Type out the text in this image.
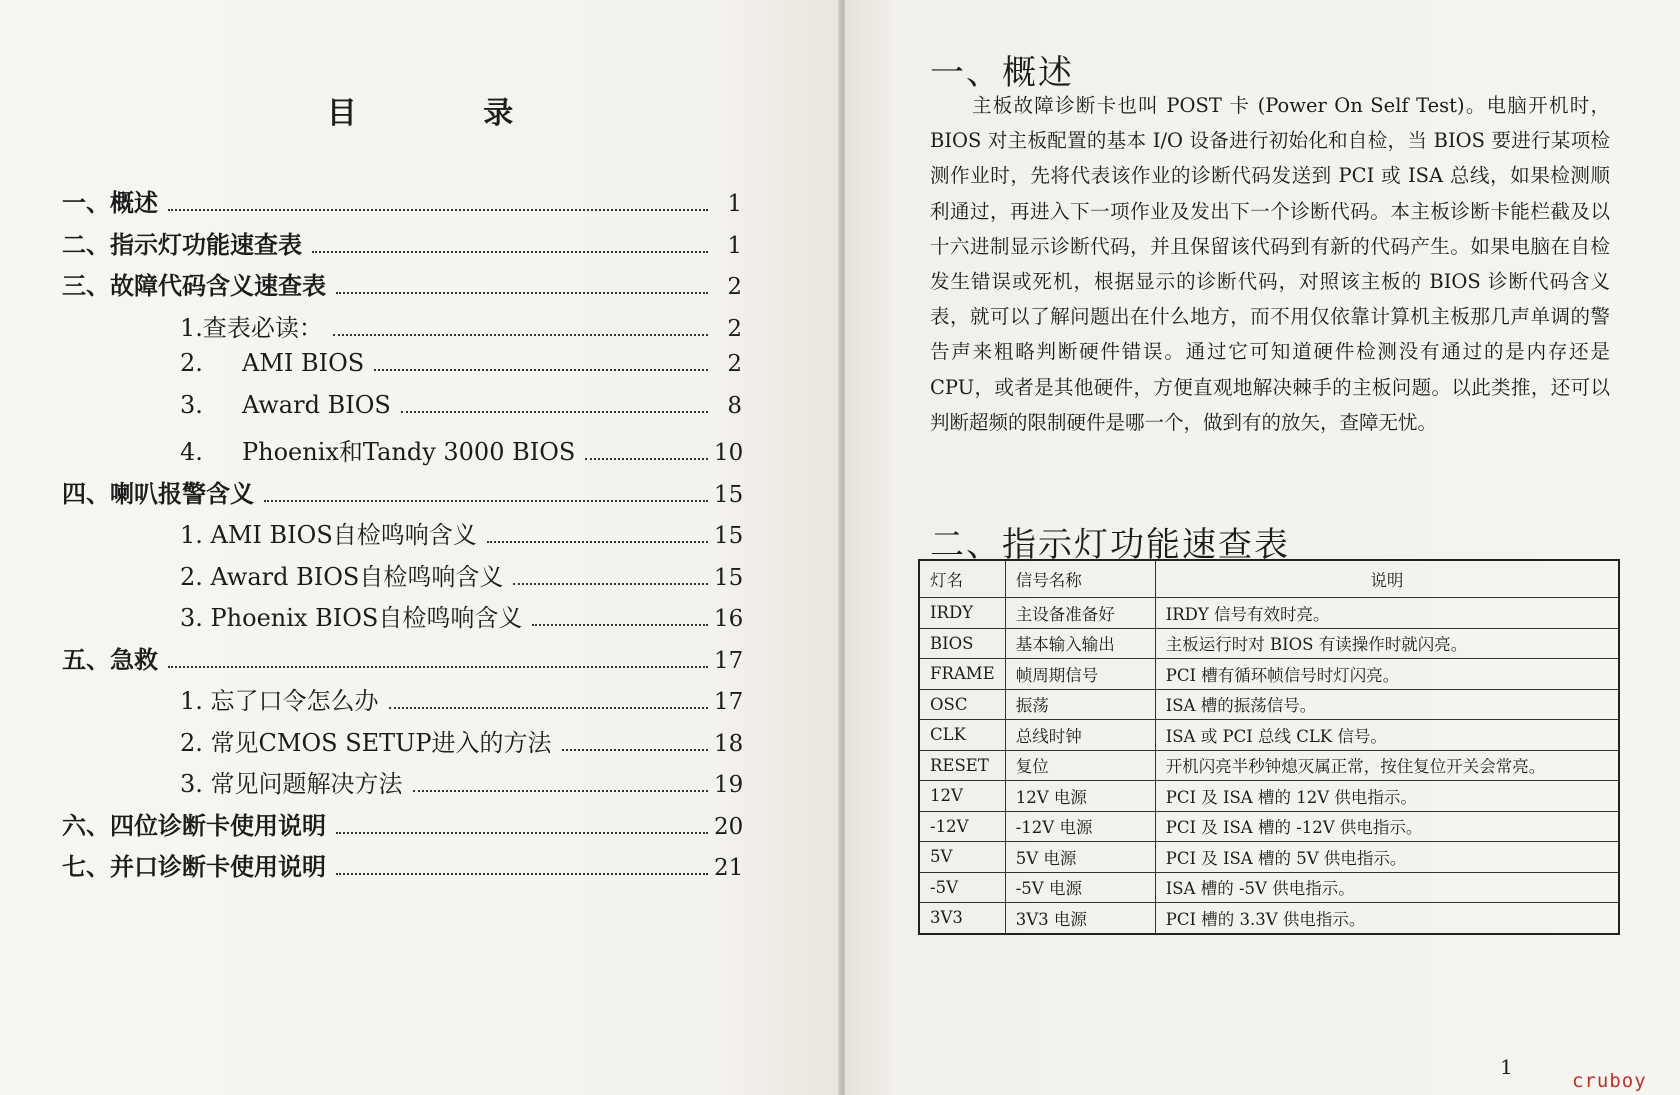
目 录
一、概述	1
二、指示灯功能速查表	1
三、故障代码含义速查表	2
1.查表必读：	2
2.	AMI BIOS	2
3.	Award BIOS	8
4.	Phoenix和Tandy 3000 BIOS	10
四、喇叭报警含义	15
1. AMI BIOS自检鸣响含义	15
2. Award BIOS自检鸣响含义	15
3. Phoenix BIOS自检鸣响含义	16
五、急救	17
1. 忘了口令怎么办	17
2. 常见CMOS SETUP进入的方法	18
3. 常见问题解决方法	19
六、四位诊断卡使用说明	20
七、并口诊断卡使用说明	21
一、概述

主板故障诊断卡也叫 POST 卡 (Power On Self Test)。电脑开机时，BIOS 对主板配置的基本 I/O 设备进行初始化和自检，当 BIOS 要进行某项检测作业时，先将代表该作业的诊断代码发送到 PCI 或 ISA 总线，如果检测顺利通过，再进入下一项作业及发出下一个诊断代码。本主板诊断卡能栏截及以十六进制显示诊断代码，并且保留该代码到有新的代码产生。如果电脑在自检发生错误或死机，根据显示的诊断代码，对照该主板的 BIOS 诊断代码含义表，就可以了解问题出在什么地方，而不用仅依靠计算机主板那几声单调的警告声来粗略判断硬件错误。通过它可知道硬件检测没有通过的是内存还是 CPU，或者是其他硬件，方便直观地解决棘手的主板问题。以此类推，还可以判断超频的限制硬件是哪一个，做到有的放矢，查障无忧。

二、指示灯功能速查表
灯名	信号名称	说明
IRDY	主设备准备好	IRDY 信号有效时亮。
BIOS	基本输入输出	主板运行时对 BIOS 有读操作时就闪亮。
FRAME	帧周期信号	PCI 槽有循环帧信号时灯闪亮。
OSC	振荡	ISA 槽的振荡信号。
CLK	总线时钟	ISA 或 PCI 总线 CLK 信号。
RESET	复位	开机闪亮半秒钟熄灭属正常，按住复位开关会常亮。
12V	12V 电源	PCI 及 ISA 槽的 12V 供电指示。
-12V	-12V 电源	PCI 及 ISA 槽的 -12V 供电指示。
5V	5V 电源	PCI 及 ISA 槽的 5V 供电指示。
-5V	-5V 电源	ISA 槽的 -5V 供电指示。
3V3	3V3 电源	PCI 槽的 3.3V 供电指示。
1
cruboy
